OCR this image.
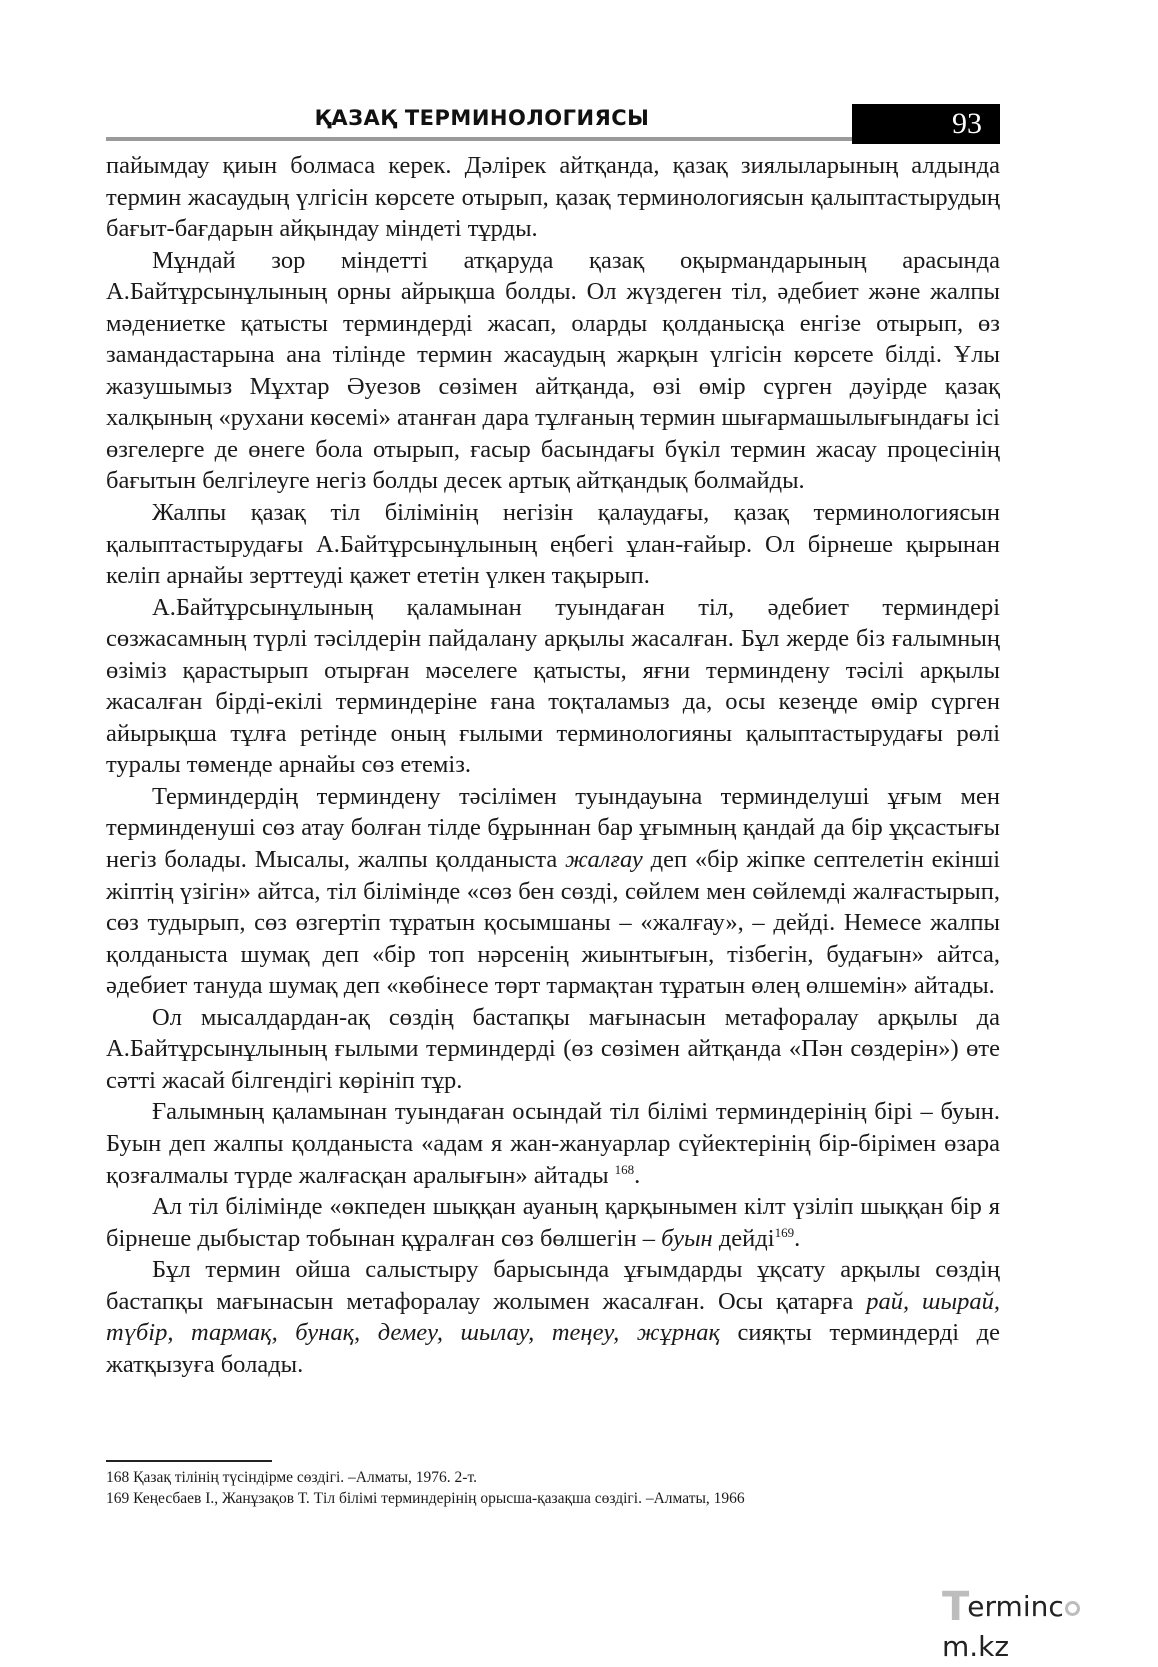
ҚАЗАҚ ТЕРМИНОЛОГИЯСЫ	93

пайымдау қиын болмаса керек. Дәлірек айтқанда, қазақ зиялыларының алдында термин жасаудың үлгісін көрсете отырып, қазақ терминологиясын қалыптастырудың бағыт-бағдарын айқындау міндеті тұрды.

Мұндай зор міндетті атқаруда қазақ оқырмандарының арасында А.Байтұрсынұлының орны айрықша болды. Ол жүздеген тіл, әдебиет және жалпы мәдениетке қатысты терминдерді жасап, оларды қолданысқа енгізе отырып, өз замандастарына ана тілінде термин жасаудың жарқын үлгісін көрсете білді. Ұлы жазушымыз Мұхтар Әуезов сөзімен айтқанда, өзі өмір сүрген дәуірде қазақ халқының «рухани көсемі» атанған дара тұлғаның термин шығармашылығындағы ісі өзгелерге де өнеге бола отырып, ғасыр басындағы бүкіл термин жасау процесінің бағытын белгілеуге негіз болды десек артық айтқандық болмайды.

Жалпы қазақ тіл білімінің негізін қалаудағы, қазақ терминологиясын қалыптастырудағы А.Байтұрсынұлының еңбегі ұлан-ғайыр. Ол бірнеше қырынан келіп арнайы зерттеуді қажет ететін үлкен тақырып.

А.Байтұрсынұлының қаламынан туындаған тіл, әдебиет терминдері сөзжасамның түрлі тәсілдерін пайдалану арқылы жасалған. Бұл жерде біз ғалымның өзіміз қарастырып отырған мәселеге қатысты, яғни терминдену тәсілі арқылы жасалған бірді-екілі терминдеріне ғана тоқталамыз да, осы кезеңде өмір сүрген айырықша тұлға ретінде оның ғылыми терминологияны қалыптастырудағы рөлі туралы төменде арнайы сөз етеміз.

Терминдердің терминдену тәсілімен туындауына терминделуші ұғым мен терминденуші сөз атау болған тілде бұрыннан бар ұғымның қандай да бір ұқсастығы негіз болады. Мысалы, жалпы қолданыста жалғау деп «бір жіпке септелетін екінші жіптің үзігін» айтса, тіл білімінде «сөз бен сөзді, сөйлем мен сөйлемді жалғастырып, сөз тудырып, сөз өзгертіп тұратын қосымшаны – «жалғау», – дейді. Немесе жалпы қолданыста шумақ деп «бір топ нәрсенің жиынтығын, тізбегін, будағын» айтса, әдебиет тануда шумақ деп «көбінесе төрт тармақтан тұратын өлең өлшемін» айтады.

Ол мысалдардан-ақ сөздің бастапқы мағынасын метафоралау арқылы да А.Байтұрсынұлының ғылыми терминдерді (өз сөзімен айтқанда «Пән сөздерін») өте сәтті жасай білгендігі көрініп тұр.

Ғалымның қаламынан туындаған осындай тіл білімі терминдерінің бірі – буын. Буын деп жалпы қолданыста «адам я жан-жануарлар сүйектерінің бір-бірімен өзара қозғалмалы түрде жалғасқан аралығын» айтады $^{168}$.

Ал тіл білімінде «өкпеден шыққан ауаның қарқынымен кілт үзіліп шыққан бір я бірнеше дыбыстар тобынан құралған сөз бөлшегін – буын дейді$^{169}$.

Бұл термин ойша салыстыру барысында ұғымдарды ұқсату арқылы сөздің бастапқы мағынасын метафоралау жолымен жасалған. Осы қатарға рай, шырай, түбір, тармақ, бунақ, демеу, шылау, теңеу, жұрнақ сияқты терминдерді де жатқызуға болады.

168 Қазақ тілінің түсіндірме сөздігі. –Алматы, 1976. 2-т.
169 Кеңесбаев І., Жанұзақов Т. Тіл білімі терминдерінің орысша-қазақша сөздігі. –Алматы, 1966
Termincm.kz
